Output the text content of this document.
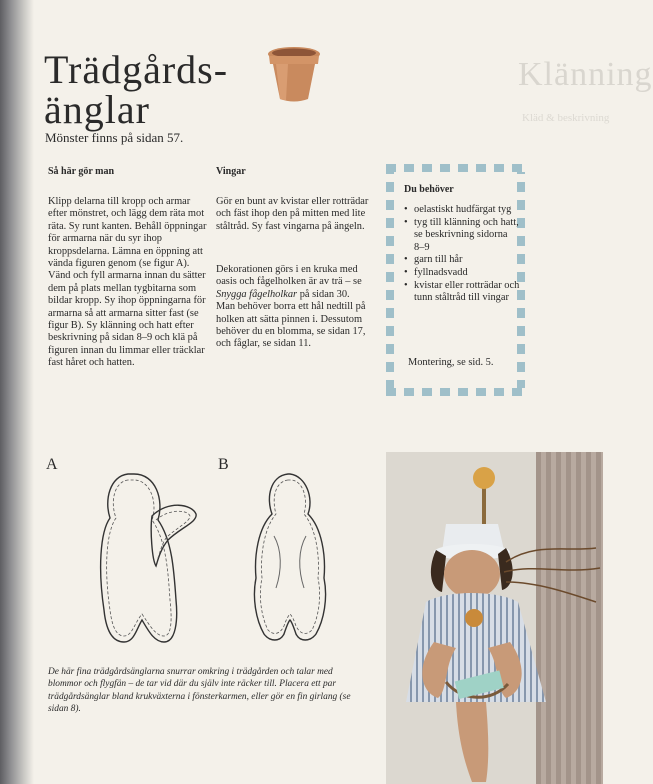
Klänning
Kläd & beskrivning
Trädgårds-
änglar
Mönster finns på sidan 57.
Så här gör man

Klipp delarna till kropp och armar efter mönstret, och lägg dem räta mot räta. Sy runt kanten. Behåll öppningar för armarna när du syr ihop kroppsdelarna. Lämna en öppning att vända figuren genom (se figur A). Vänd och fyll armarna innan du sätter dem på plats mellan tygbitarna som bildar kropp. Sy ihop öppningarna för armarna så att armarna sitter fast (se figur B). Sy klänning och hatt efter beskrivning på sidan 8–9 och klä på figuren innan du limmar eller träcklar fast håret och hatten.

Vingar

Gör en bunt av kvistar eller rotträdar och fäst ihop den på mitten med lite ståltråd. Sy fast vingarna på ängeln.

Dekorationen görs i en kruka med oasis och fågelholken är av trä – se Snygga fågelholkar på sidan 30. Man behöver borra ett hål nedtill på holken att sätta pinnen i. Dessutom behöver du en blomma, se sidan 17, och fåglar, se sidan 11.

Du behöver
• oelastiskt hudfärgat tyg
• tyg till klänning och hatt, se beskrivning sidorna 8–9
• garn till hår
• fyllnadsvadd
• kvistar eller rotträdar och tunn ståltråd till vingar
Montering, se sid. 5.
A	B

De här fina trädgårdsänglarna snurrar omkring i trädgården och talar med blommor och flygfän – de tar vid där du själv inte räcker till. Placera ett par trädgårdsänglar bland krukväxterna i fönsterkarmen, eller gör en fin girlang (se sidan 8).
